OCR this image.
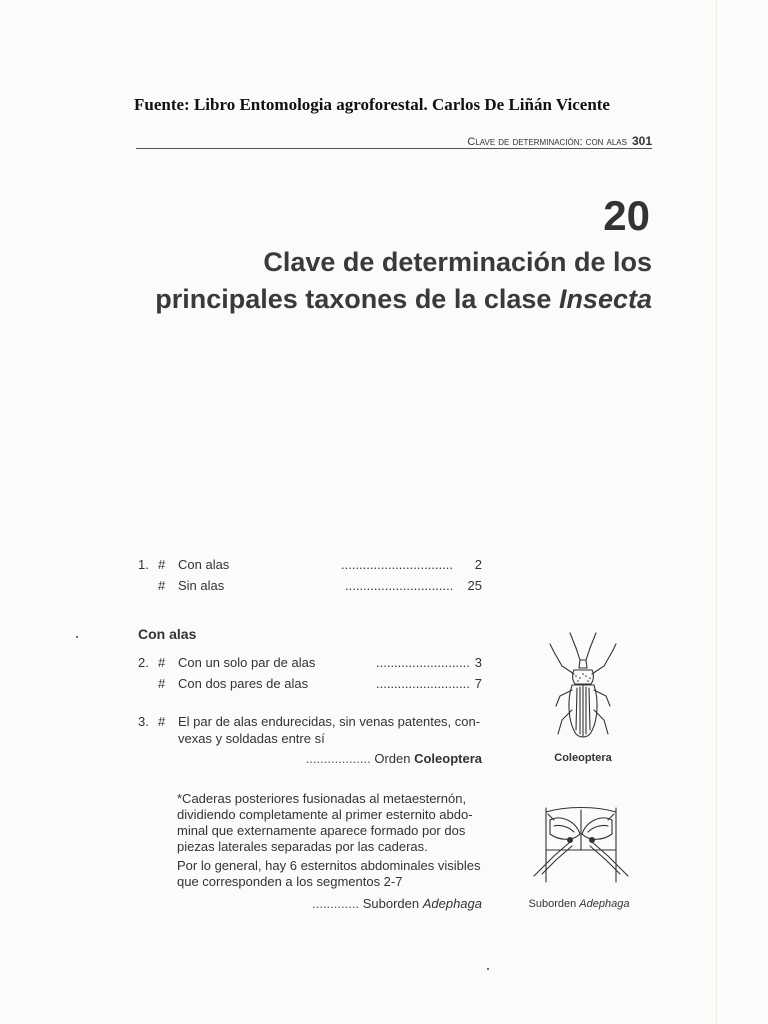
Fuente: Libro Entomologia agroforestal. Carlos De Liñán Vicente
Clave de determinación: con alas 301
20
Clave de determinación de los
principales taxones de la clase Insecta
1. # Con alas	............................... 2
# Sin alas	.............................. 25
Con alas
2. # Con un solo par de alas	.......................... 3
# Con dos pares de alas	.......................... 7
3. # El par de alas endurecidas, sin venas patentes, con-
vexas y soldadas entre sí
.................. Orden Coleoptera
*Caderas posteriores fusionadas al metaesternón,
dividiendo completamente al primer esternito abdo-
minal que externamente aparece formado por dos
piezas laterales separadas por las caderas.
Por lo general, hay 6 esternitos abdominales visibles
que corresponden a los segmentos 2-7
............. Suborden Adephaga
Coleoptera
Suborden Adephaga
